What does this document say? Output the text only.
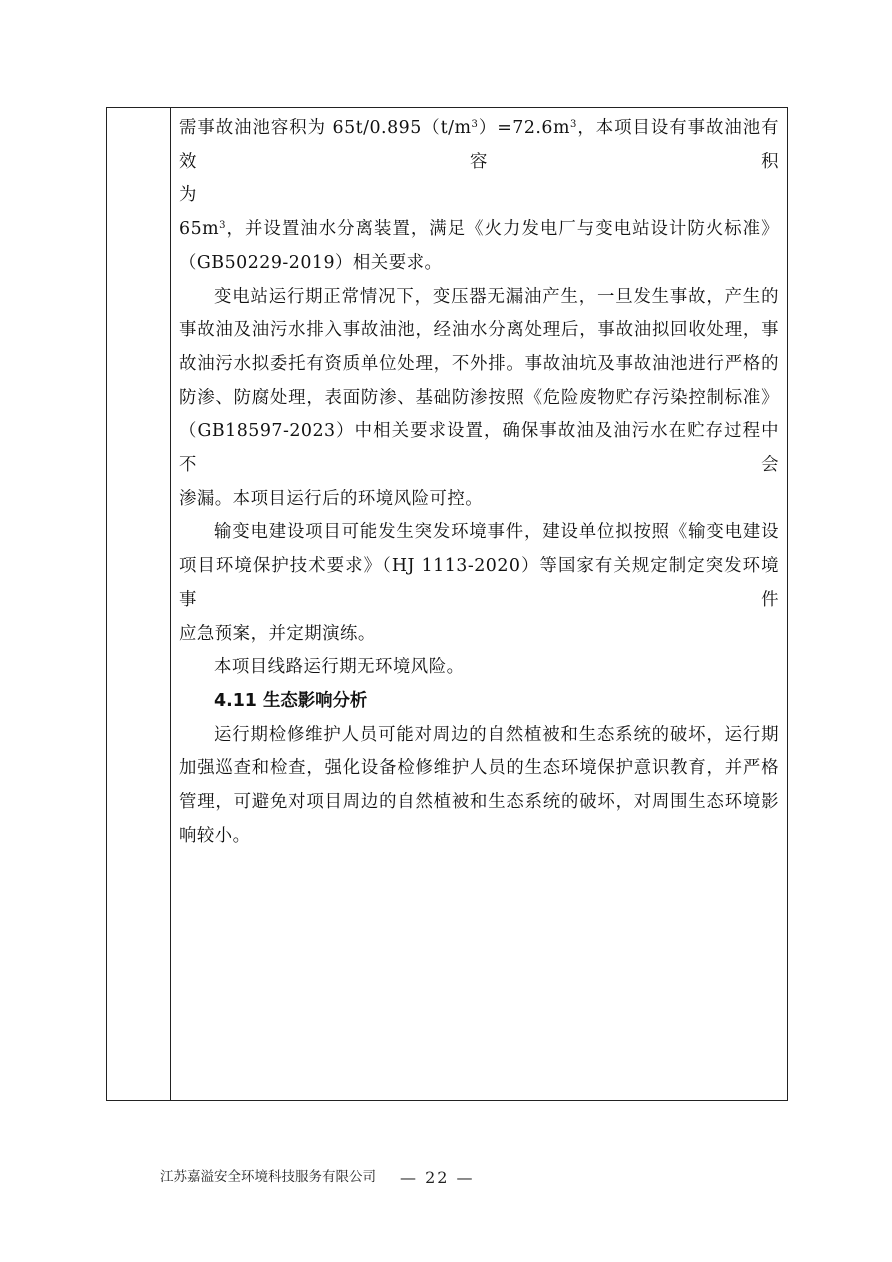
需事故油池容积为 $65t/0.895(t/m^3)=72.6m^3$，本项目设有事故油池有效容积

为 $65m^3$，并设置油水分离装置，满足《火力发电厂与变电站设计防火标准》

（GB50229-2019）相关要求。

变电站运行期正常情况下，变压器无漏油产生，一旦发生事故，产生的

事故油及油污水排入事故油池，经油水分离处理后，事故油拟回收处理，事

故油污水拟委托有资质单位处理，不外排。事故油坑及事故油池进行严格的

防渗、防腐处理，表面防渗、基础防渗按照《危险废物贮存污染控制标准》

（GB18597-2023）中相关要求设置，确保事故油及油污水在贮存过程中不会

渗漏。本项目运行后的环境风险可控。

输变电建设项目可能发生突发环境事件，建设单位拟按照《输变电建设

项目环境保护技术要求》（HJ 1113-2020）等国家有关规定制定突发环境事件

应急预案，并定期演练。

本项目线路运行期无环境风险。

4.11 生态影响分析

运行期检修维护人员可能对周边的自然植被和生态系统的破坏，运行期

加强巡查和检查，强化设备检修维护人员的生态环境保护意识教育，并严格

管理，可避免对项目周边的自然植被和生态系统的破坏，对周围生态环境影

响较小。

江苏嘉溢安全环境科技服务有限公司 — 22 —
